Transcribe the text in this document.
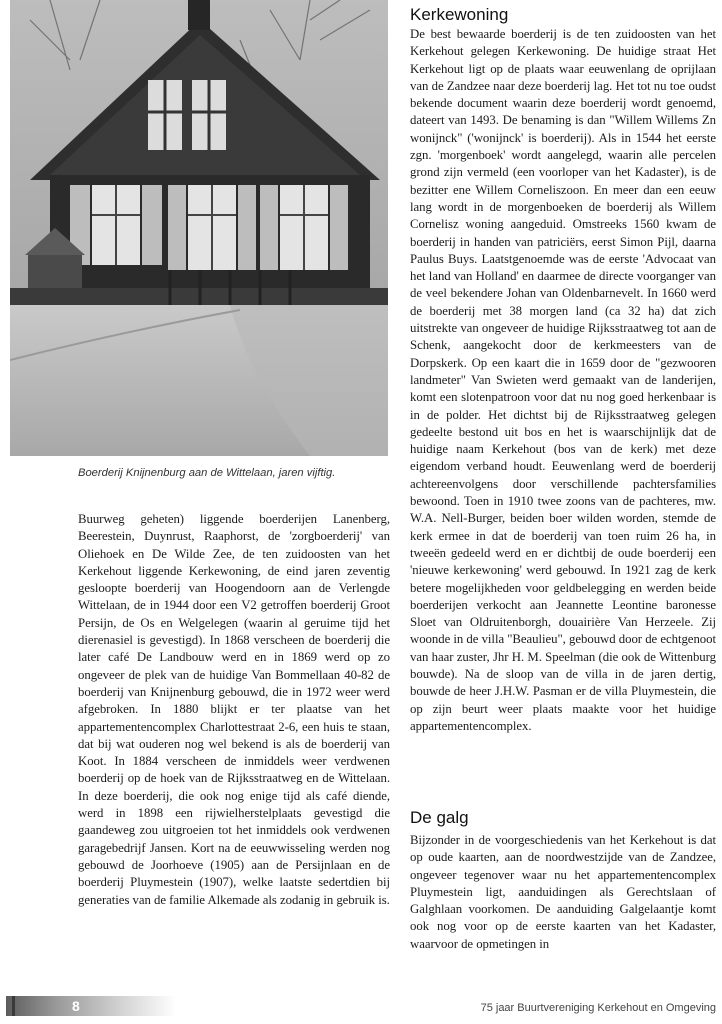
Boerderij Knijnenburg aan de Wittelaan, jaren vijftig.

Buurweg geheten) liggende boerderijen Lanenberg, Beerestein, Duynrust, Raaphorst, de 'zorgboerderij' van Oliehoek en De Wilde Zee, de ten zuidoosten van het Kerkehout liggende Kerkewoning, de eind jaren zeventig gesloopte boerderij van Hoogendoorn aan de Verlengde Wittelaan, de in 1944 door een V2 getroffen boerderij Groot Persijn, de Os en Welgelegen (waarin al geruime tijd het dierenasiel is gevestigd). In 1868 verscheen de boerderij die later café De Landbouw werd en in 1869 werd op zo ongeveer de plek van de huidige Van Bommellaan 40-82 de boerderij van Knijnenburg gebouwd, die in 1972 weer werd afgebroken. In 1880 blijkt er ter plaatse van het appartementencomplex Charlottestraat 2-6, een huis te staan, dat bij wat ouderen nog wel bekend is als de boerderij van Koot. In 1884 verscheen de inmiddels weer verdwenen boerderij op de hoek van de Rijksstraatweg en de Wittelaan. In deze boerderij, die ook nog enige tijd als café diende, werd in 1898 een rijwielherstelplaats gevestigd die gaandeweg zou uitgroeien tot het inmiddels ook verdwenen garagebedrijf Jansen. Kort na de eeuwwisseling werden nog gebouwd de Joorhoeve (1905) aan de Persijnlaan en de boerderij Pluymestein (1907), welke laatste sedertdien bij generaties van de familie Alkemade als zodanig in gebruik is.

Kerkewoning

De best bewaarde boerderij is de ten zuidoosten van het Kerkehout gelegen Kerkewoning. De huidige straat Het Kerkehout ligt op de plaats waar eeuwenlang de oprijlaan van de Zandzee naar deze boerderij lag. Het tot nu toe oudst bekende document waarin deze boerderij wordt genoemd, dateert van 1493. De benaming is dan "Willem Willems Zn wonijnck" ('wonijnck' is boerderij). Als in 1544 het eerste zgn. 'morgenboek' wordt aangelegd, waarin alle percelen grond zijn vermeld (een voorloper van het Kadaster), is de bezitter ene Willem Corneliszoon. En meer dan een eeuw lang wordt in de morgenboeken de boerderij als Willem Cornelisz woning aangeduid. Omstreeks 1560 kwam de boerderij in handen van patriciërs, eerst Simon Pijl, daarna Paulus Buys. Laatstgenoemde was de eerste 'Advocaat van het land van Holland' en daarmee de directe voorganger van de veel bekendere Johan van Oldenbarnevelt. In 1660 werd de boerderij met 38 morgen land (ca 32 ha) dat zich uitstrekte van ongeveer de huidige Rijksstraatweg tot aan de Schenk, aangekocht door de kerkmeesters van de Dorpskerk. Op een kaart die in 1659 door de "gezwooren landmeter" Van Swieten werd gemaakt van de landerijen, komt een slotenpatroon voor dat nu nog goed herkenbaar is in de polder. Het dichtst bij de Rijksstraatweg gelegen gedeelte bestond uit bos en het is waarschijnlijk dat de huidige naam Kerkehout (bos van de kerk) met deze eigendom verband houdt. Eeuwenlang werd de boerderij achtereenvolgens door verschillende pachtersfamilies bewoond. Toen in 1910 twee zoons van de pachteres, mw. W.A. Nell-Burger, beiden boer wilden worden, stemde de kerk ermee in dat de boerderij van toen ruim 26 ha, in tweeën gedeeld werd en er dichtbij de oude boerderij een 'nieuwe kerkewoning' werd gebouwd. In 1921 zag de kerk betere mogelijkheden voor geldbelegging en werden beide boerderijen verkocht aan Jeannette Leontine baronesse Sloet van Oldruitenborgh, douairière Van Herzeele. Zij woonde in de villa "Beaulieu", gebouwd door de echtgenoot van haar zuster, Jhr H. M. Speelman (die ook de Wittenburg bouwde). Na de sloop van de villa in de jaren dertig, bouwde de heer J.H.W. Pasman er de villa Pluymestein, die op zijn beurt weer plaats maakte voor het huidige appartementencomplex.

De galg

Bijzonder in de voorgeschiedenis van het Kerkehout is dat op oude kaarten, aan de noordwestzijde van de Zandzee, ongeveer tegenover waar nu het appartementencomplex Pluymestein ligt, aanduidingen als Gerechtslaan of Galghlaan voorkomen. De aanduiding Galgelaantje komt ook nog voor op de eerste kaarten van het Kadaster, waarvoor de opmetingen in

8	75 jaar Buurtvereniging Kerkehout en Omgeving
